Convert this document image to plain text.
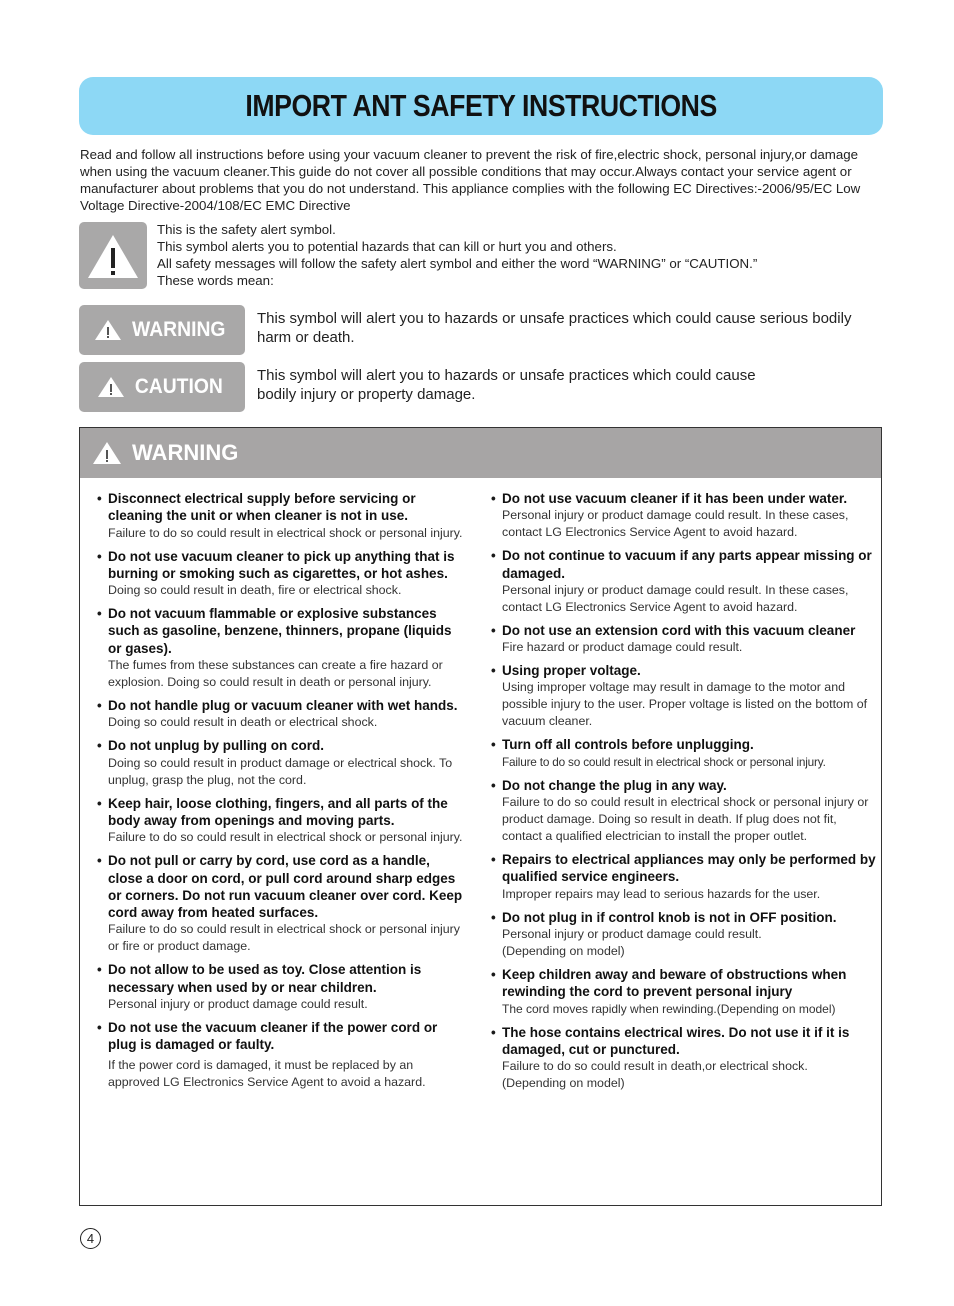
IMPORT ANT SAFETY INSTRUCTIONS
Read and follow all instructions before using your vacuum cleaner to prevent the risk of fire,electric shock, personal injury,or damage when using the vacuum cleaner.This guide do not cover all possible conditions that may occur.Always contact your service agent or manufacturer about problems that you do not understand. This appliance complies with the following EC Directives:-2006/95/EC Low Voltage Directive-2004/108/EC EMC Directive
This is the safety alert symbol.
This symbol alerts you to potential hazards that can kill or hurt you and others.
All safety messages will follow the safety alert symbol and either the word “WARNING” or “CAUTION.”
These words mean:
WARNING This symbol will alert you to hazards or unsafe practices which could cause serious bodily harm or death.
CAUTION This symbol will alert you to hazards or unsafe practices which could cause bodily injury or property damage.
WARNING
• Disconnect electrical supply before servicing or cleaning the unit or when cleaner is not in use.
Failure to do so could result in electrical shock or personal injury.
• Do not use vacuum cleaner to pick up anything that is burning or smoking such as cigarettes, or hot ashes.
Doing so could result in death, fire or electrical shock.
• Do not vacuum flammable or explosive substances such as gasoline, benzene, thinners, propane (liquids or gases).
The fumes from these substances can create a fire hazard or explosion. Doing so could result in death or personal injury.
• Do not handle plug or vacuum cleaner with wet hands.
Doing so could result in death or electrical shock.
• Do not unplug by pulling on cord.
Doing so could result in product damage or electrical shock. To unplug, grasp the plug, not the cord.
• Keep hair, loose clothing, fingers, and all parts of the body away from openings and moving parts.
Failure to do so could result in electrical shock or personal injury.
• Do not pull or carry by cord, use cord as a handle, close a door on cord, or pull cord around sharp edges or corners. Do not run vacuum cleaner over cord. Keep cord away from heated surfaces.
Failure to do so could result in electrical shock or personal injury or fire or product damage.
• Do not allow to be used as toy. Close attention is necessary when used by or near children.
Personal injury or product damage could result.
• Do not use the vacuum cleaner if the power cord or plug is damaged or faulty.
If the power cord is damaged, it must be replaced by an approved LG Electronics Service Agent to avoid a hazard.
• Do not use vacuum cleaner if it has been under water.
Personal injury or product damage could result. In these cases, contact LG Electronics Service Agent to avoid hazard.
• Do not continue to vacuum if any parts appear missing or damaged.
Personal injury or product damage could result. In these cases, contact LG Electronics Service Agent to avoid hazard.
• Do not use an extension cord with this vacuum cleaner
Fire hazard or product damage could result.
• Using proper voltage.
Using improper voltage may result in damage to the motor and possible injury to the user. Proper voltage is listed on the bottom of vacuum cleaner.
• Turn off all controls before unplugging.
Failure to do so could result in electrical shock or personal injury.
• Do not change the plug in any way.
Failure to do so could result in electrical shock or personal injury or product damage. Doing so result in death. If plug does not fit, contact a qualified electrician to install the proper outlet.
• Repairs to electrical appliances may only be performed by qualified service engineers.
Improper repairs may lead to serious hazards for the user.
• Do not plug in if control knob is not in OFF position.
Personal injury or product damage could result. (Depending on model)
• Keep children away and beware of obstructions when rewinding the cord to prevent personal injury
The cord moves rapidly when rewinding.(Depending on model)
• The hose contains electrical wires. Do not use it if it is damaged, cut or punctured.
Failure to do so could result in death,or electrical shock. (Depending on model)
4
